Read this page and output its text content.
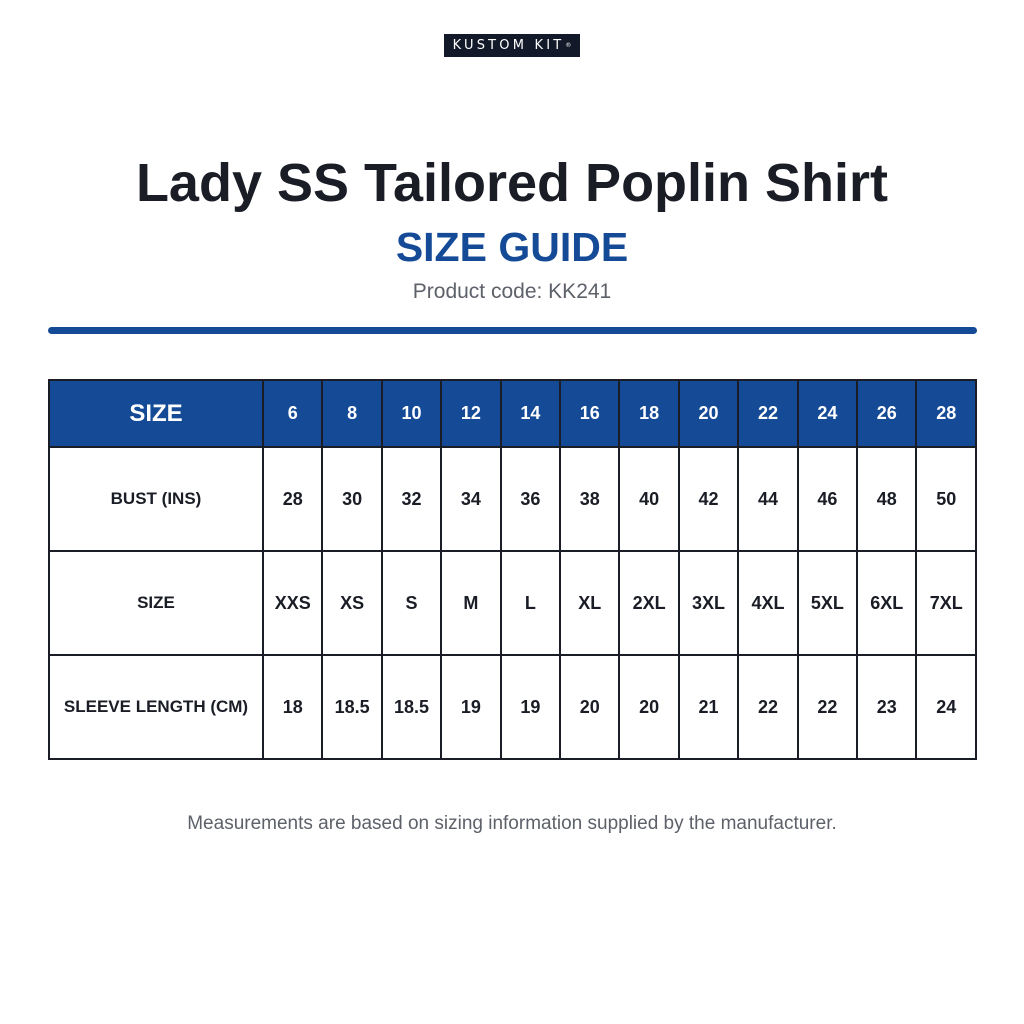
KUSTOM KIT ®
Lady SS Tailored Poplin Shirt
SIZE GUIDE
Product code: KK241
SIZE	6	8	10	12	14	16	18	20	22	24	26	28
BUST (INS)	28	30	32	34	36	38	40	42	44	46	48	50
SIZE	XXS	XS	S	M	L	XL	2XL	3XL	4XL	5XL	6XL	7XL
SLEEVE LENGTH (CM)	18	18.5	18.5	19	19	20	20	21	22	22	23	24
Measurements are based on sizing information supplied by the manufacturer.
